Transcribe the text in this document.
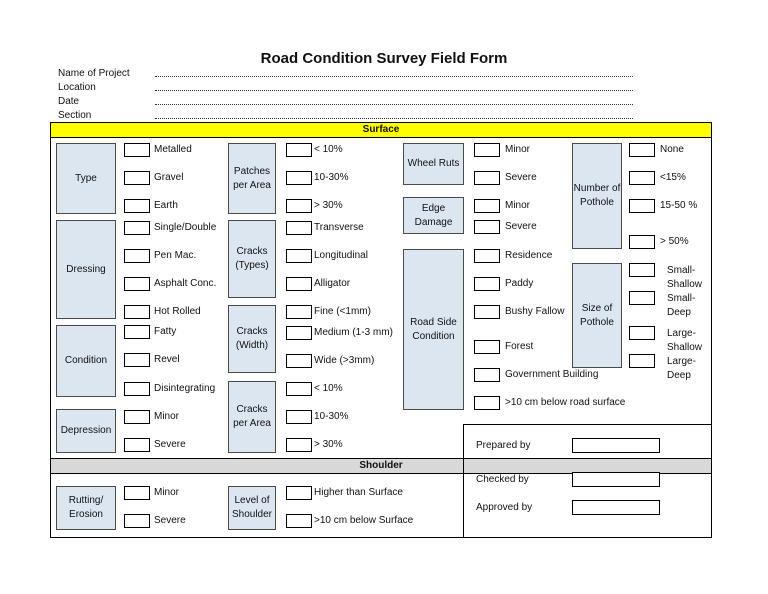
Road Condition Survey Field Form
Name of Project
Location
Date
Section
Surface
Shoulder
Type
Metalled
Gravel
Earth
Dressing
Single/Double
Pen Mac.
Asphalt Conc.
Hot Rolled
Condition
Fatty
Revel
Disintegrating
Depression
Minor
Severe
Patches per Area
< 10%
10-30%
> 30%
Cracks (Types)
Transverse
Longitudinal
Alligator
Cracks (Width)
Fine (<1mm)
Medium (1-3 mm)
Wide (>3mm)
Cracks per Area
< 10%
10-30%
> 30%
Wheel Ruts
Minor
Severe
Edge Damage
Minor
Severe
Road Side Condition
Residence
Paddy
Bushy Fallow
Forest
Government Building
>10 cm below road surface
Number of Pothole
None
<15%
15-50 %
> 50%
Size of Pothole
Small-Shallow
Small-Deep
Large-Shallow
Large-Deep
Prepared by
Checked by
Approved by
Rutting/ Erosion
Minor
Severe
Level of Shoulder
Higher than Surface
>10 cm below Surface
